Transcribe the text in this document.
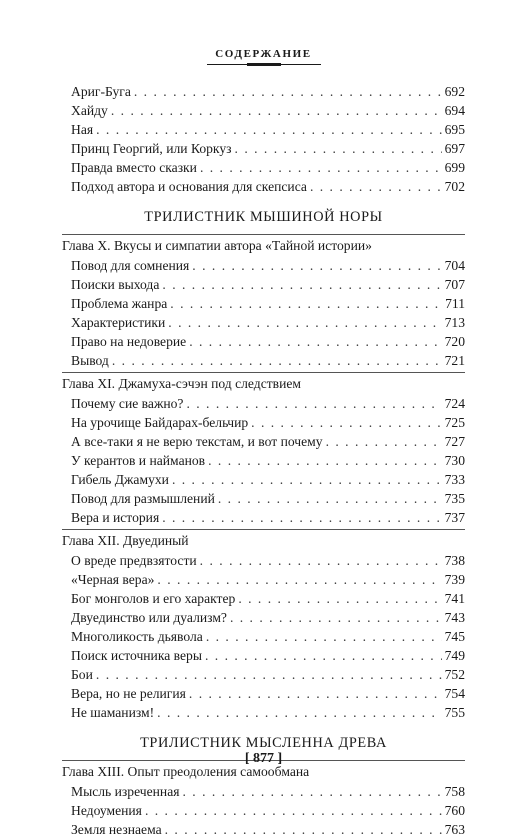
СОДЕРЖАНИЕ
Ариг-Буга . . .	692
Хайду . . .	694
Ная . . .	695
Принц Георгий, или Коркуз . . .	697
Правда вместо сказки . . .	699
Подход автора и основания для скепсиса . . .	702
ТРИЛИСТНИК МЫШИНОЙ НОРЫ
Глава X. Вкусы и симпатии автора «Тайной истории»
Повод для сомнения . . .	704
Поиски выхода . . .	707
Проблема жанра . . .	711
Характеристики . . .	713
Право на недоверие . . .	720
Вывод . . .	721
Глава XI. Джамуха-сэчэн под следствием
Почему сие важно? . . .	724
На урочище Байдарах-бельчир . . .	725
А все-таки я не верю текстам, и вот почему . . .	727
У керантов и найманов . . .	730
Гибель Джамухи . . .	733
Повод для размышлений . . .	735
Вера и история . . .	737
Глава XII. Двуединый
О вреде предвзятости . . .	738
«Черная вера» . . .	739
Бог монголов и его характер . . .	741
Двуединство или дуализм? . . .	743
Многоликость дьявола . . .	745
Поиск источника веры . . .	749
Бои . . .	752
Вера, но не религия . . .	754
Не шаманизм! . . .	755
ТРИЛИСТНИК МЫСЛЕННА ДРЕВА
Глава XIII. Опыт преодоления самообмана
Мысль изреченная . . .	758
Недоумения . . .	760
Земля незнаема . . .	763
[ 877 ]
